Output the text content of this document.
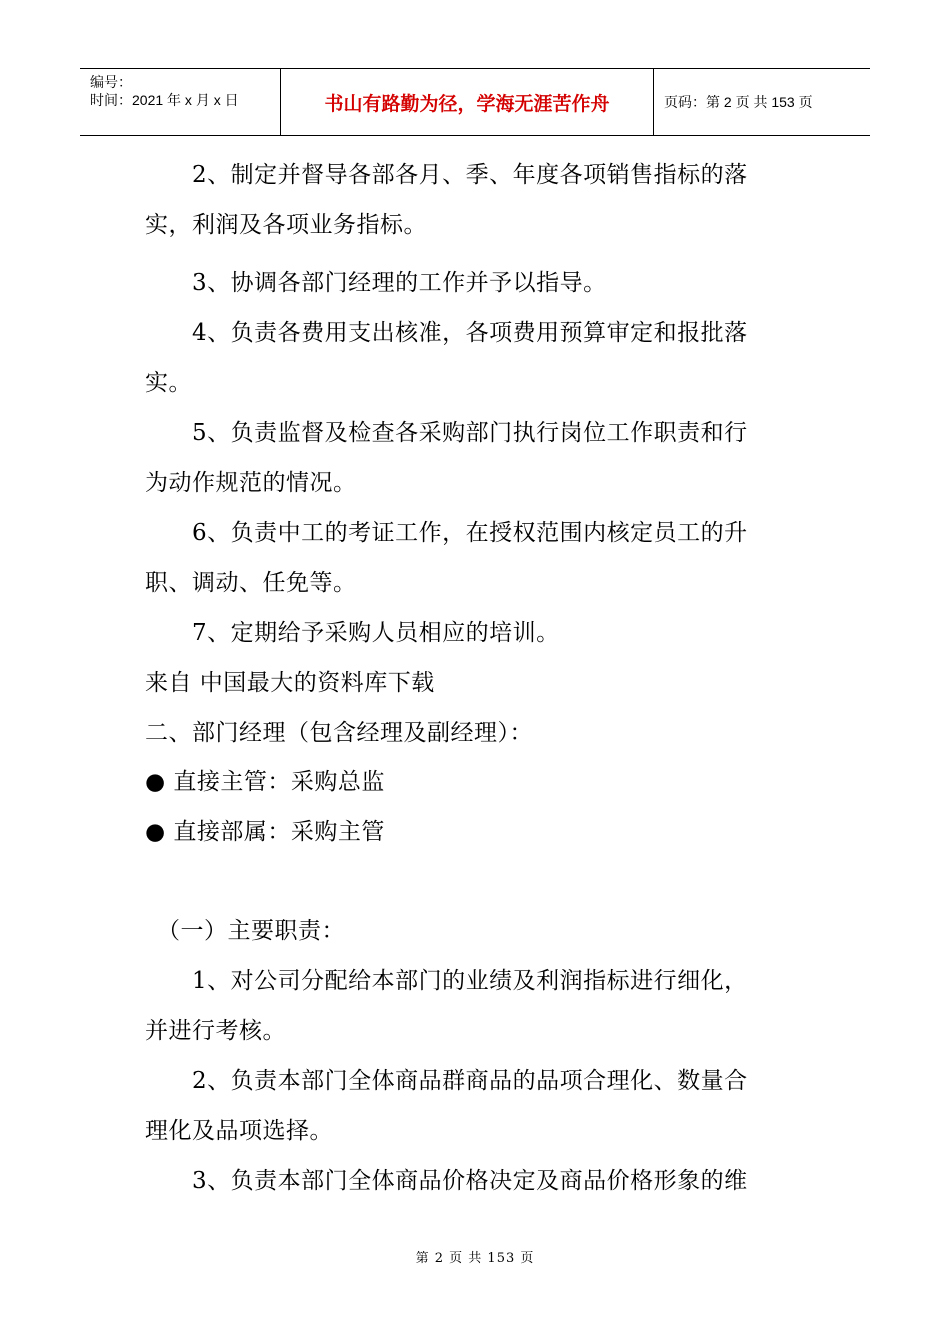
编号：
时间：2021 年 x 月 x 日	书山有路勤为径，学海无涯苦作舟	页码：第 2 页 共 153 页
　　2、制定并督导各部各月、季、年度各项销售指标的落
实，利润及各项业务指标。
　　3、协调各部门经理的工作并予以指导。
　　4、负责各费用支出核准，各项费用预算审定和报批落
实。
　　5、负责监督及检查各采购部门执行岗位工作职责和行
为动作规范的情况。
　　6、负责中工的考证工作，在授权范围内核定员工的升
职、调动、任免等。
　　7、定期给予采购人员相应的培训。
来自 中国最大的资料库下载
二、部门经理（包含经理及副经理）：
● 直接主管：采购总监
● 直接部属：采购主管
　（一）主要职责：
　　1、对公司分配给本部门的业绩及利润指标进行细化，
并进行考核。
　　2、负责本部门全体商品群商品的品项合理化、数量合
理化及品项选择。
　　3、负责本部门全体商品价格决定及商品价格形象的维
第 2 页 共 153 页
